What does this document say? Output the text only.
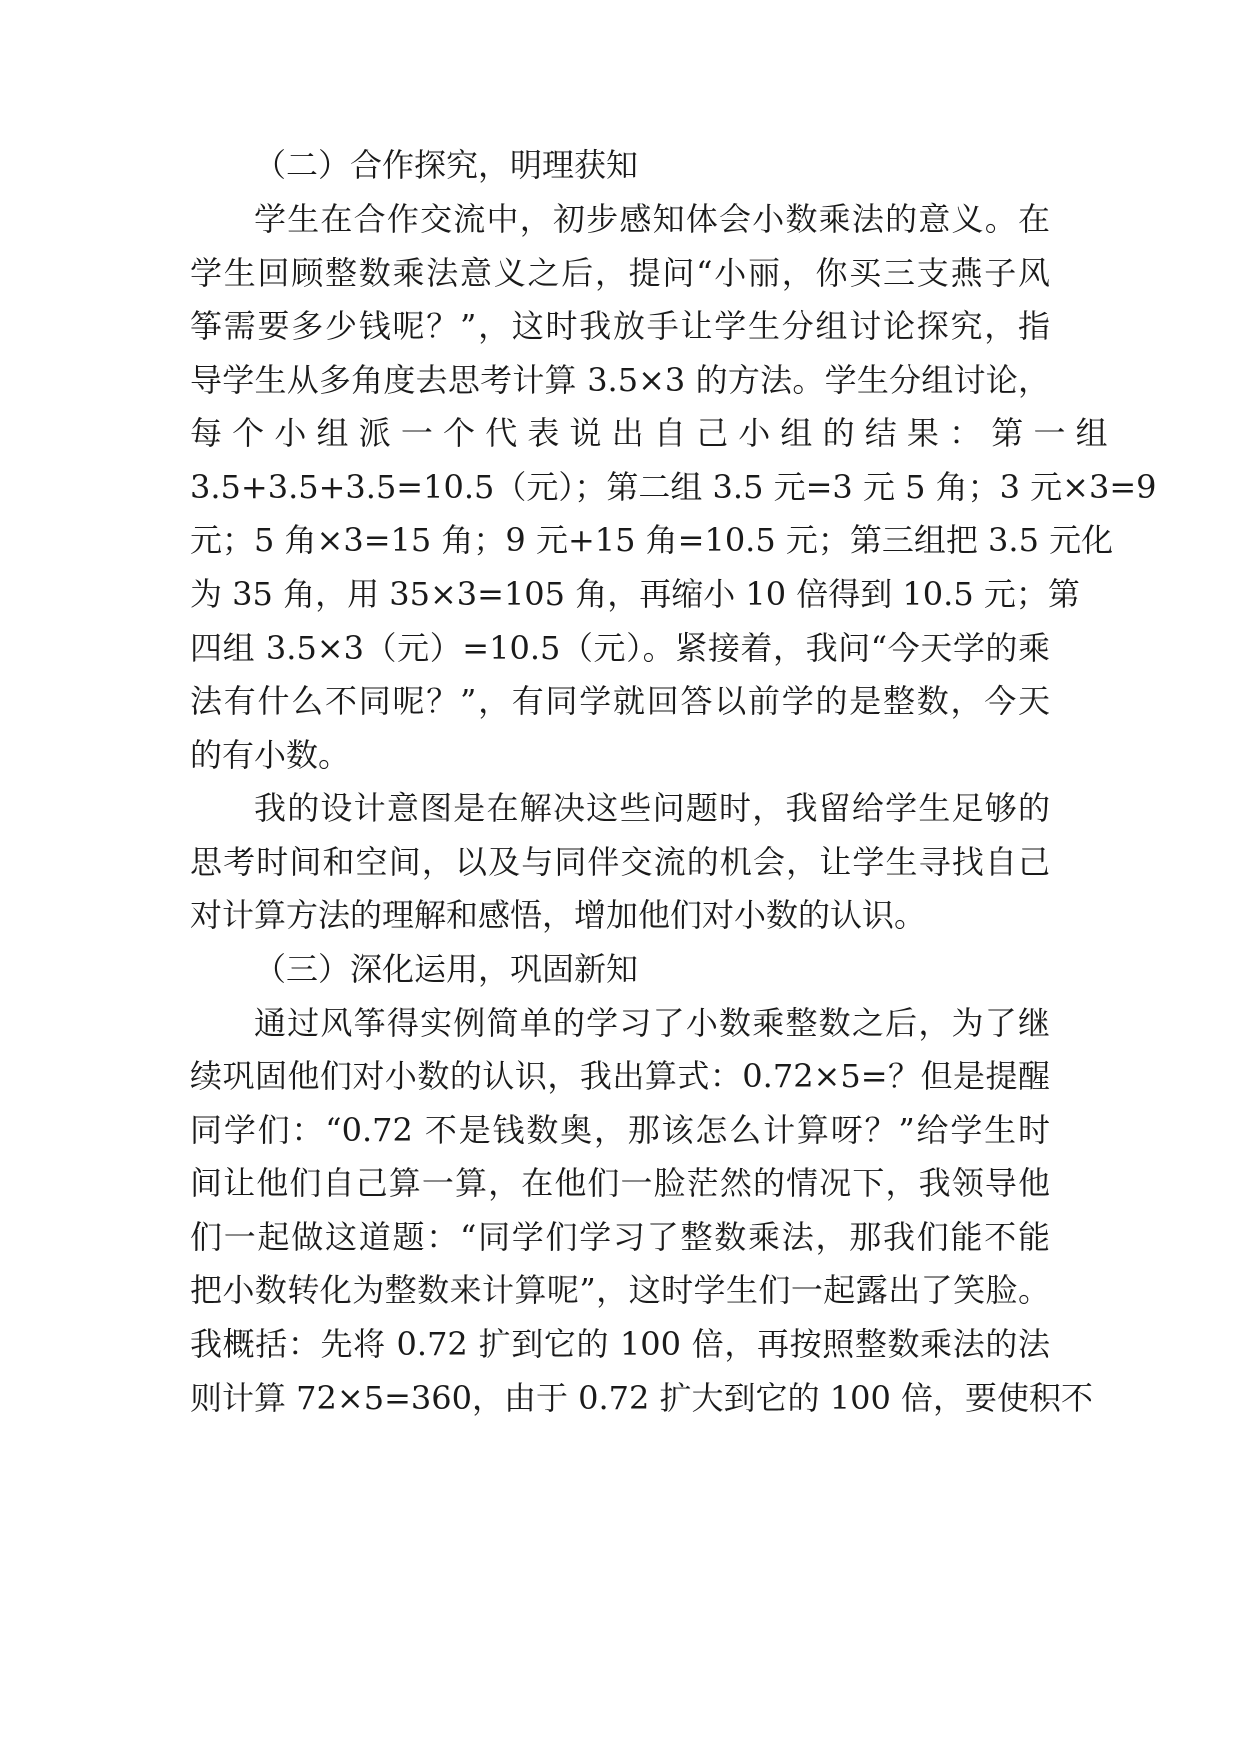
（二）合作探究，明理获知
学生在合作交流中，初步感知体会小数乘法的意义。在
学生回顾整数乘法意义之后，提问“小丽，你买三支燕子风
筝需要多少钱呢？”，这时我放手让学生分组讨论探究，指
导学生从多角度去思考计算 3.5×3 的方法。学生分组讨论，
每 个 小 组 派 一 个 代 表 说 出 自 己 小 组 的 结 果 ： 第 一 组
3.5+3.5+3.5=10.5（元）；第二组 3.5 元=3 元 5 角；3 元×3=9
元；5 角×3=15 角；9 元+15 角=10.5 元；第三组把 3.5 元化
为 35 角，用 35×3=105 角，再缩小 10 倍得到 10.5 元；第
四组 3.5×3（元）=10.5（元）。紧接着，我问“今天学的乘
法有什么不同呢？”，有同学就回答以前学的是整数，今天
的有小数。
我的设计意图是在解决这些问题时，我留给学生足够的
思考时间和空间，以及与同伴交流的机会，让学生寻找自己
对计算方法的理解和感悟，增加他们对小数的认识。
（三）深化运用，巩固新知
通过风筝得实例简单的学习了小数乘整数之后，为了继
续巩固他们对小数的认识，我出算式：0.72×5=？但是提醒
同学们：“0.72 不是钱数奥，那该怎么计算呀？”给学生时
间让他们自己算一算，在他们一脸茫然的情况下，我领导他
们一起做这道题：“同学们学习了整数乘法，那我们能不能
把小数转化为整数来计算呢”，这时学生们一起露出了笑脸。
我概括：先将 0.72 扩到它的 100 倍，再按照整数乘法的法
则计算 72×5=360，由于 0.72 扩大到它的 100 倍，要使积不
